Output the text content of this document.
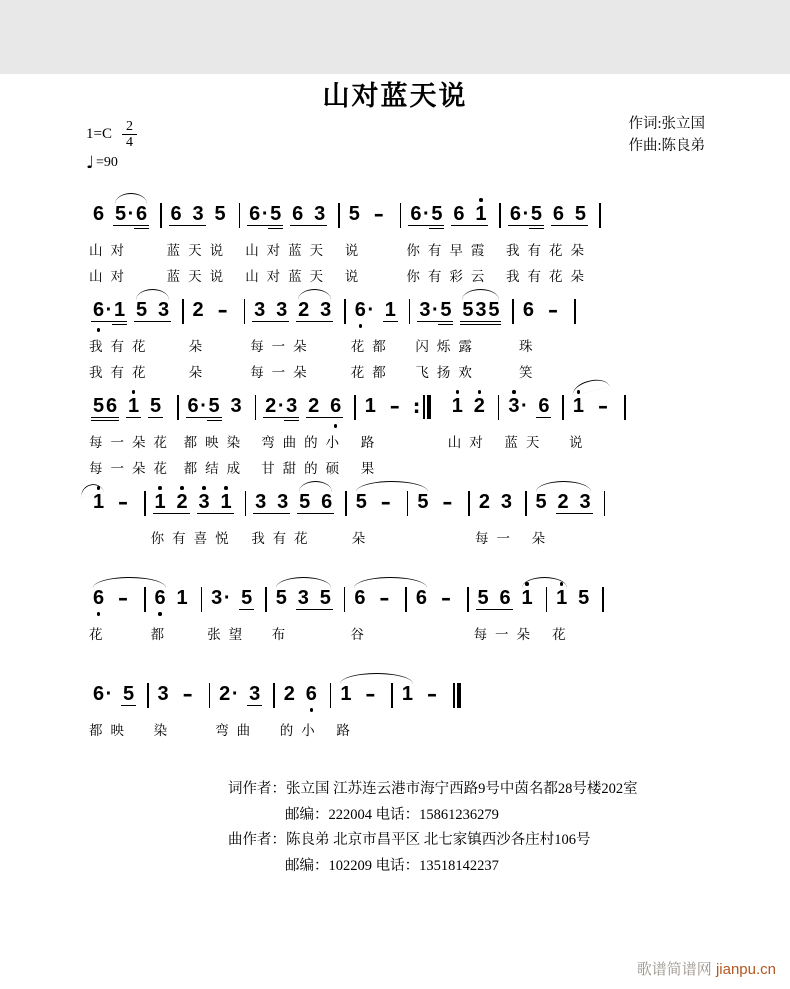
山对蓝天说
$1=C \frac{2}{4}$
♩ =90
作词:张立国
作曲:陈良弟
6 5 · 6
山对
山对
6
3
5
蓝天说
蓝天说
6 · 5
6
3
山对蓝天
山对蓝天
5 –
说
说
6 · 5
6
1
你有早霞
你有彩云
6 · 5
6
5
我有花朵
我有花朵
6 · 1
5
3
我有花
我有花
2 –
朵
朵
3
3
2
3
每一朵
每一朵
6 · 1
花都
花都
3 · 5
5 3 5
闪烁露
飞扬欢
6 –
珠
笑
5 6
1
5
每一朵花
每一朵花
6 · 5
3
都映染
都结成
2 · 3
2
6
弯曲的小
甘甜的硕
1 – :
路
果
1 2
山对
3 · 6
蓝天
1 –
说
1 – 1
2
3
1
你有喜悦
3
3
5
6
我有花
5 –
朵
5 – 2 3
每一
5 2
3
朵
6 –
花
6 1
都
3 · 5
张望
5 3
5
布
6 –
谷
6 – 5
6
1
每一朵
1 5
花
6 · 5
都映
3 –
染
2 · 3
弯曲
2 6
的小
1 –
路
1 –
词作者：张立国 江苏连云港市海宁西路9号中茵名都28号楼202室
邮编：222004 电话：15861236279
曲作者：陈良弟 北京市昌平区 北七家镇西沙各庄村106号
邮编：102209 电话：13518142237
歌谱简谱网 jianpu.cn
